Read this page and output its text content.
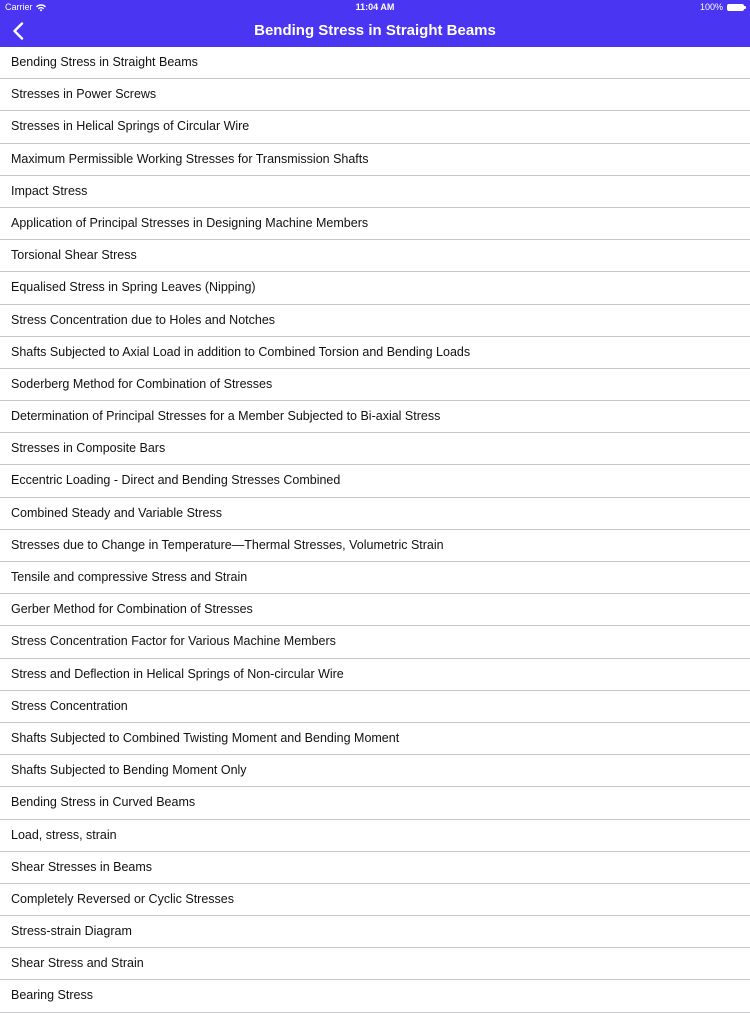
Carrier	11:04 AM	100%
Bending Stress in Straight Beams
Bending Stress in Straight Beams
Stresses in Power Screws
Stresses in Helical Springs of Circular Wire
Maximum Permissible Working Stresses for Transmission Shafts
Impact Stress
Application of Principal Stresses in Designing Machine Members
Torsional Shear Stress
Equalised Stress in Spring Leaves (Nipping)
Stress Concentration due to Holes and Notches
Shafts Subjected to Axial Load in addition to Combined Torsion and Bending Loads
Soderberg Method for Combination of Stresses
Determination of Principal Stresses for a Member Subjected to Bi-axial Stress
Stresses in Composite Bars
Eccentric Loading - Direct and Bending Stresses Combined
Combined Steady and Variable Stress
Stresses due to Change in Temperature—Thermal Stresses, Volumetric Strain
Tensile and compressive Stress and Strain
Gerber Method for Combination of Stresses
Stress Concentration Factor for Various Machine Members
Stress and Deflection in Helical Springs of Non-circular Wire
Stress Concentration
Shafts Subjected to Combined Twisting Moment and Bending Moment
Shafts Subjected to Bending Moment Only
Bending Stress in Curved Beams
Load, stress, strain
Shear Stresses in Beams
Completely Reversed or Cyclic Stresses
Stress-strain Diagram
Shear Stress and Strain
Bearing Stress
